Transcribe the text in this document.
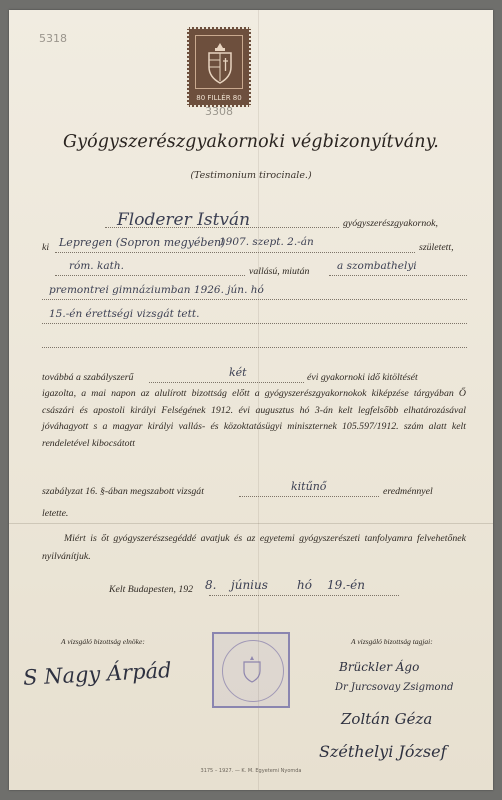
5318
80 FILLÉR 80
3308
Gyógyszerészgyakornoki végbizonyítvány.
(Testimonium tirocinale.)
Floderer István	gyógyszerészgyakornok,
ki Lepregen (Sopron megyében)
1907. szept. 2.-án	született,
róm. kath.	vallású, miután	a szombathelyi
premontrei gimnáziumban 1926. jún. hó
15.-én érettségi vizsgát tett.
továbbá a szabályszerű	két	évi gyakornoki idő kitöltését
igazolta, a mai napon az alulírott bizottság előtt a gyógyszerészgyakornokok kiképzése tárgyában Ő császári és apostoli királyi Felségének 1912. évi augusztus hó 3-án kelt legfelsőbb elhatározásával jóváhagyott s a magyar királyi vallás- és közoktatásügyi miniszternek 105.597/1912. szám alatt kelt rendeletével kibocsátott
szabályzat 16. §-ában megszabott vizsgát	kitűnő	eredménnyel
letette.
Miért is őt gyógyszerészsegéddé avatjuk és az egyetemi gyógyszerészeti tanfolyamra felvehetőnek nyilvánítjuk.
Kelt Budapesten, 192 8. június hó 19.-én
A vizsgáló bizottság elnöke:	A vizsgáló bizottság tagjai:
S Nagy Árpád	Brückler Ágo
Dr Jurcsovay Zsigmond
Zoltán Géza
Széthelyi József
3175 – 1927. — K. M. Egyetemi Nyomda
